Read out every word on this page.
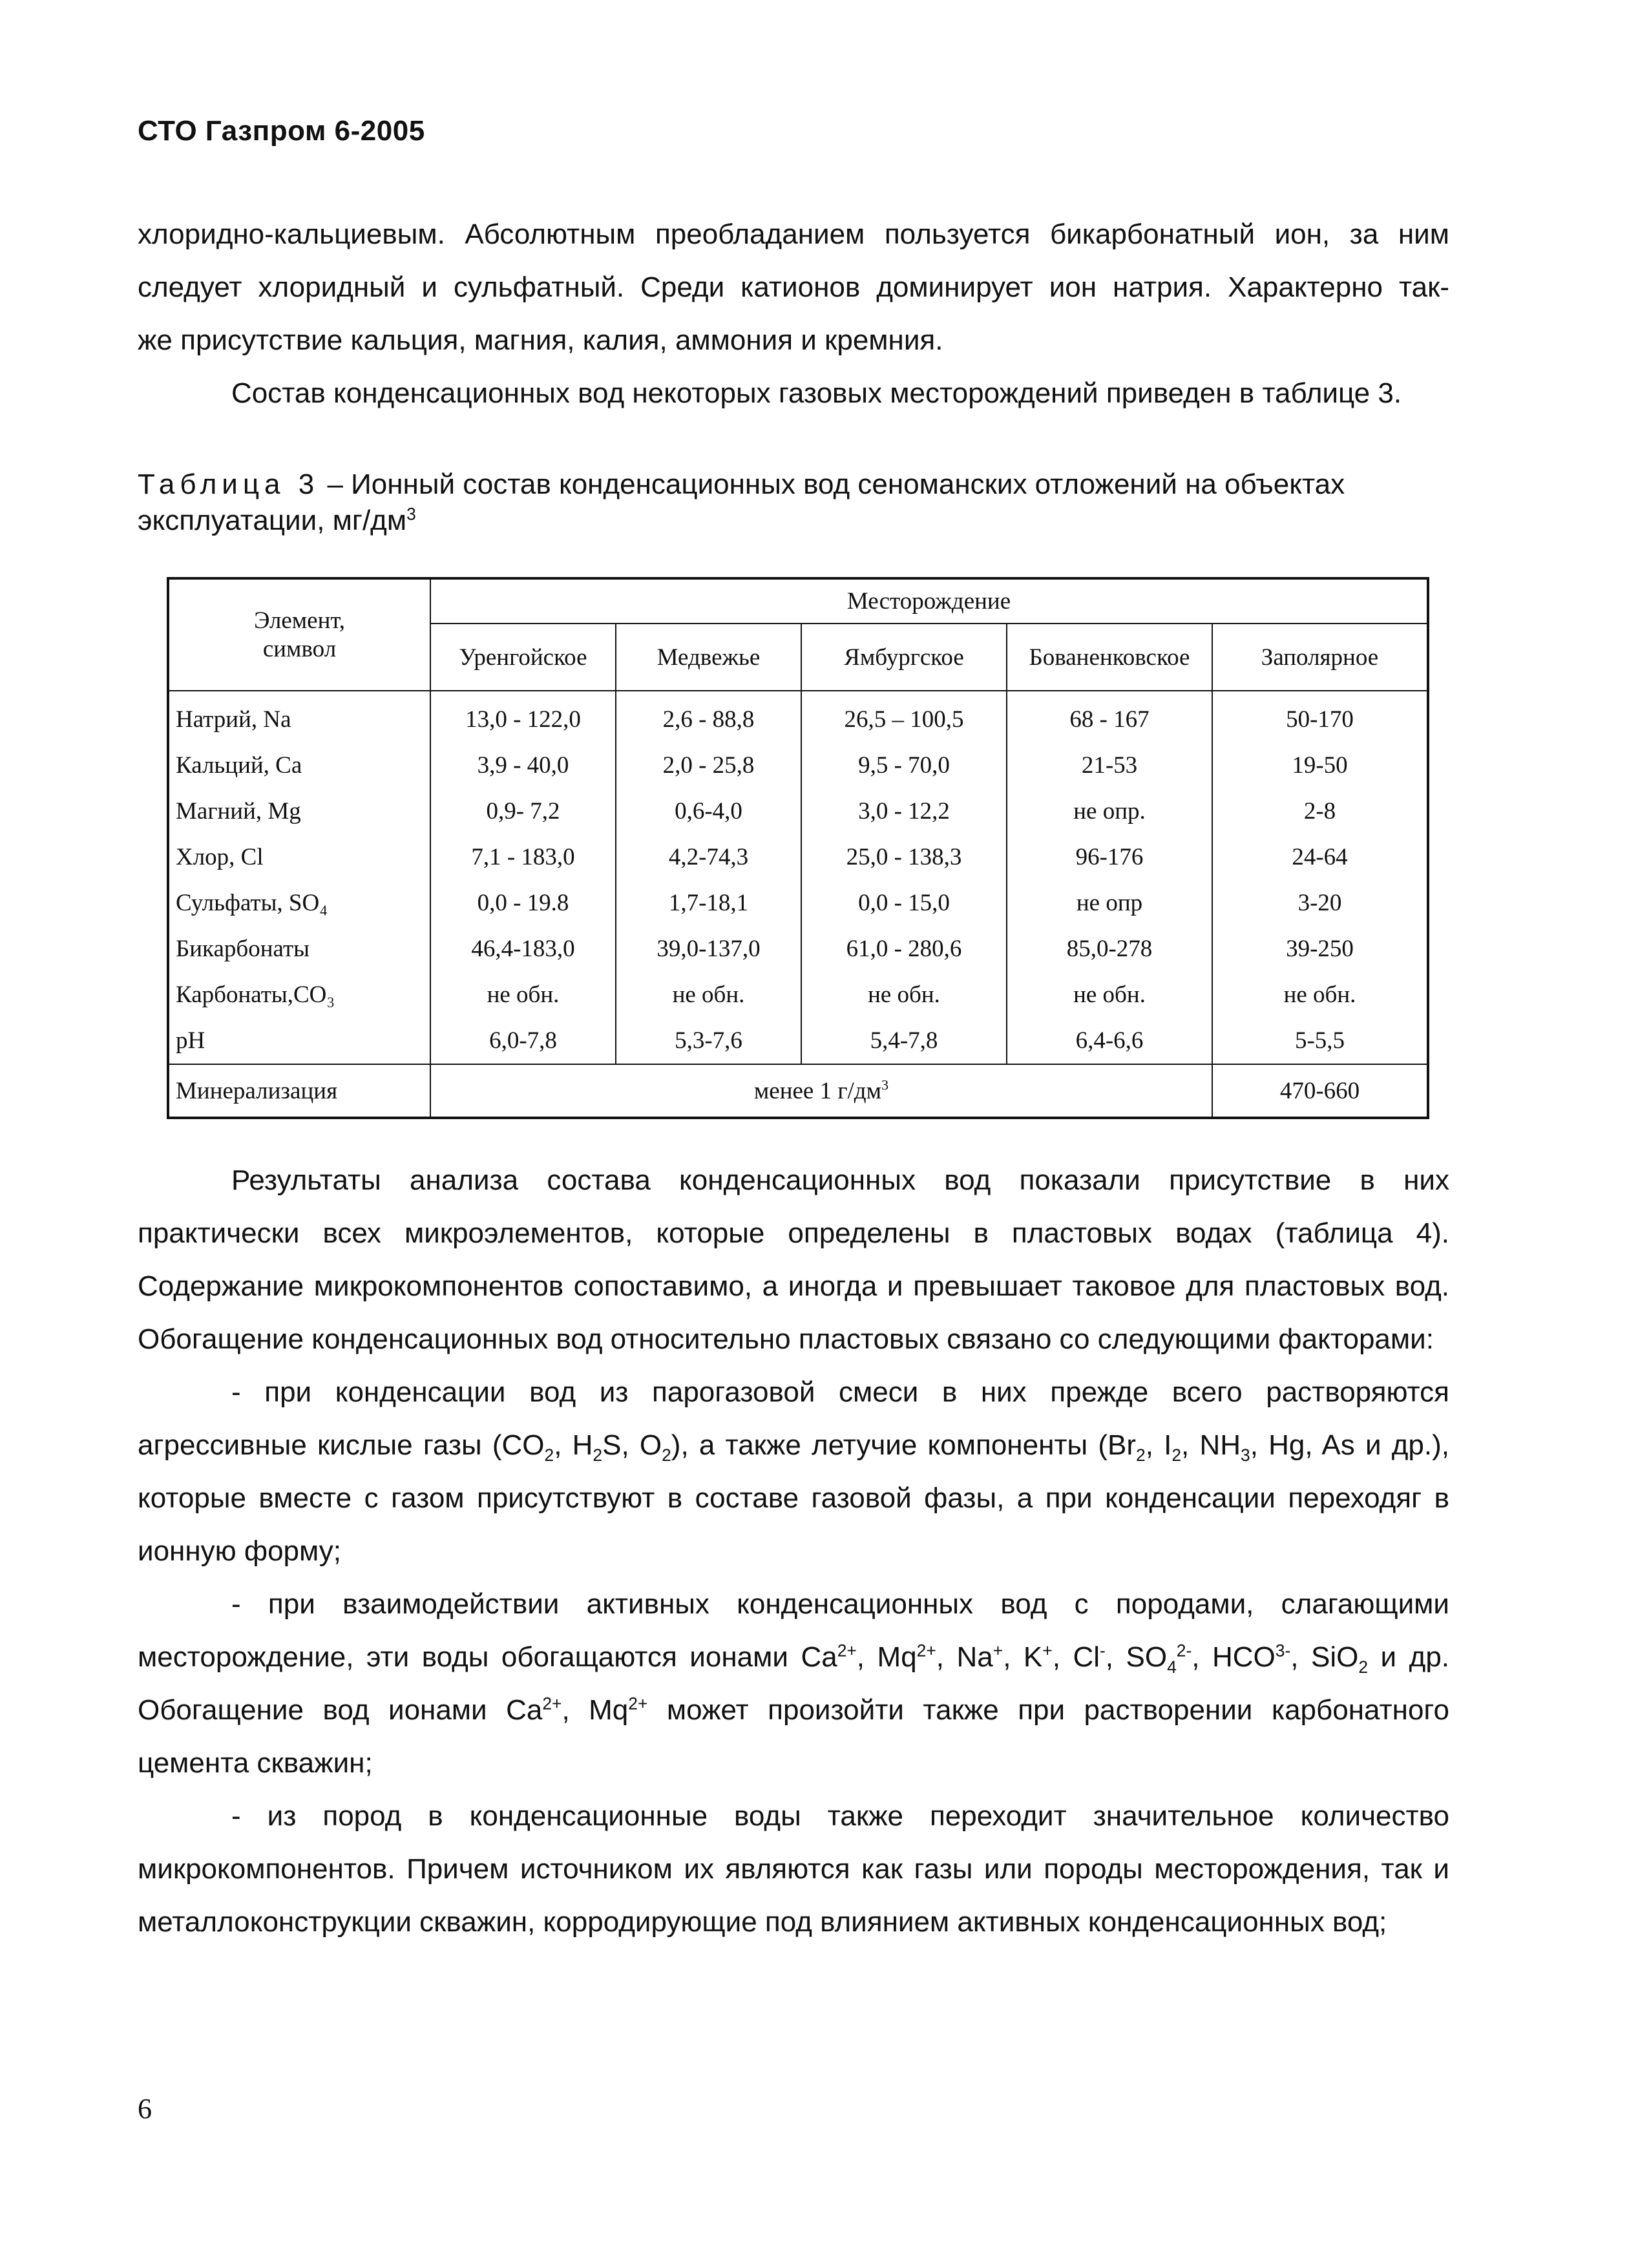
СТО Газпром 6-2005

хлоридно-кальциевым. Абсолютным преобладанием пользуется бикарбонатный ион, за ним

следует хлоридный и сульфатный. Среди катионов доминирует ион натрия. Характерно так-

же присутствие кальция, магния, калия, аммония и кремния.

Состав конденсационных вод некоторых газовых месторождений приведен в таблице 3.

Таблица 3 – Ионный состав конденсационных вод сеноманских отложений на объектах эксплуатации, $мг/дм^3$
Элемент,
символ	Месторождение				
	Уренгойское	Медвежье	Ямбургское	Бованенковское	Заполярное
Натрий, Na	13,0 - 122,0	2,6 - 88,8	26,5 – 100,5	68 - 167	50-170
Кальций, Ca	3,9 - 40,0	2,0 - 25,8	9,5 - 70,0	21-53	19-50
Магний, Mg	0,9- 7,2	0,6-4,0	3,0 - 12,2	не опр.	2-8
Хлор, Cl	7,1 - 183,0	4,2-74,3	25,0 - 138,3	96-176	24-64
Сульфаты, SO₄	0,0 - 19.8	1,7-18,1	0,0 - 15,0	не опр	3-20
Бикарбонаты	46,4-183,0	39,0-137,0	61,0 - 280,6	85,0-278	39-250
Карбонаты,CO₃	не обн.	не обн.	не обн.	не обн.	не обн.
pH	6,0-7,8	5,3-7,6	5,4-7,8	6,4-6,6	5-5,5
Минерализация	менее 1 $г/дм^3$				470-660

Результаты анализа состава конденсационных вод показали присутствие в них практически всех микроэлементов, которые определены в пластовых водах (таблица 4). Содержание микрокомпонентов сопоставимо, а иногда и превышает таковое для пластовых вод. Обогащение конденсационных вод относительно пластовых связано со следующими факторами:

- при конденсации вод из парогазовой смеси в них прежде всего растворяются агрессивные кислые газы ($CO_2$, $H_2S$, $O_2$), а также летучие компоненты ($Br_2$, $I_2$, $NH_3$, Hg, As и др.), которые вместе с газом присутствуют в составе газовой фазы, а при конденсации переходяг в ионную форму;

- при взаимодействии активных конденсационных вод с породами, слагающими месторождение, эти воды обогащаются ионами $Ca^{2+}$, $Mq^{2+}$, Na+, K+, Cl-, $SO_4^{2-}$, $HCO^{3-}$, SiO$_2$ и др. Обогащение вод ионами $Ca^{2+}$, $Mq^{2+}$ может произойти также при растворении карбонатного цемента скважин;

- из пород в конденсационные воды также переходит значительное количество микрокомпонентов. Причем источником их являются как газы или породы месторождения, так и металлоконструкции скважин, корродирующие под влиянием активных конденсационных вод;

6
